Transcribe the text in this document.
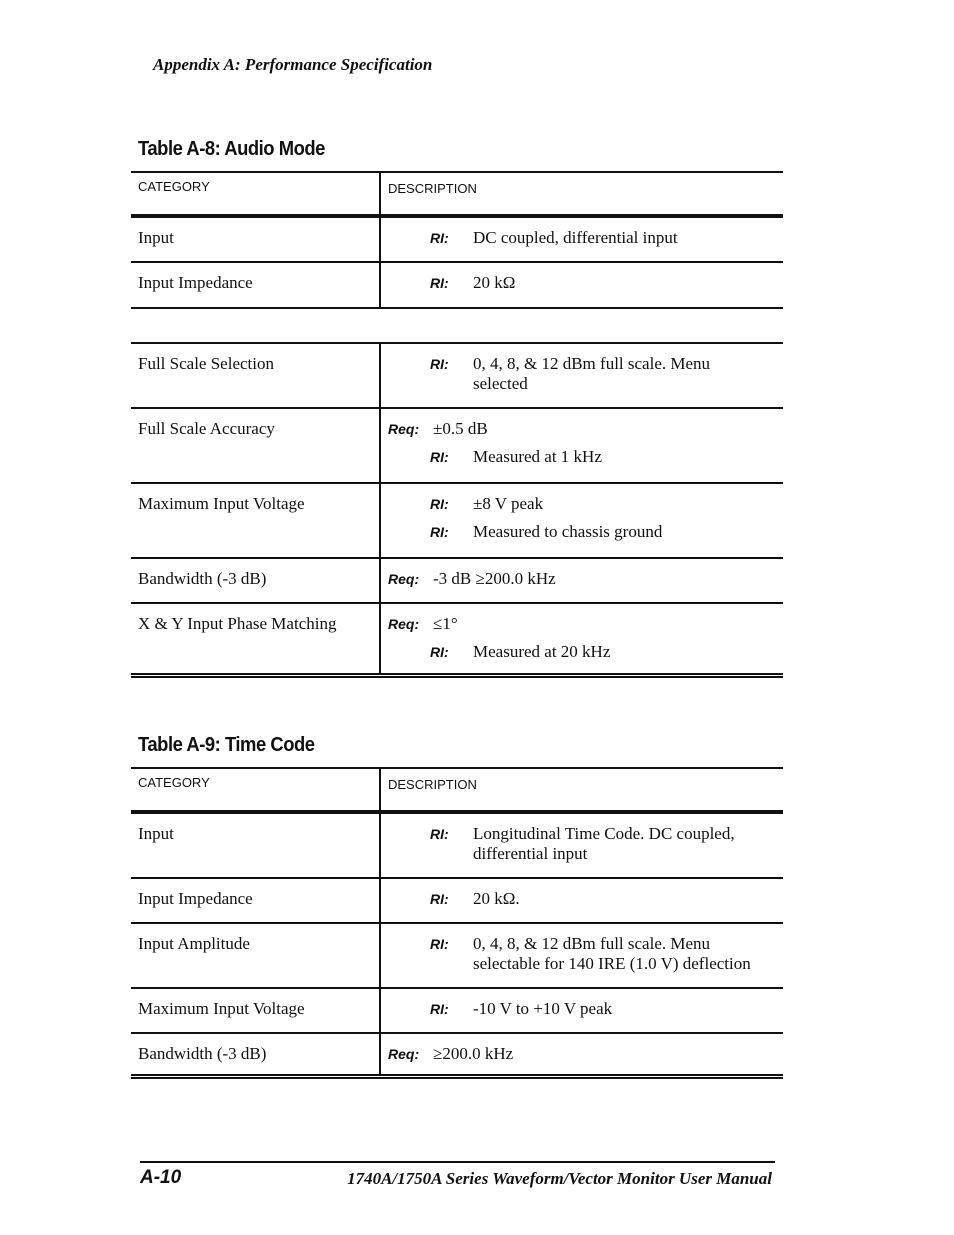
Appendix A: Performance Specification
Table A-8: Audio Mode
CATEGORY	DESCRIPTION
Input	RI: DC coupled, differential input

Input Impedance	RI: 20 kΩ
Full Scale Selection	RI: 0, 4, 8, & 12 dBm full scale. Menu selected

Full Scale Accuracy	Req: ±0.5 dB
RI: Measured at 1 kHz

Maximum Input Voltage	RI: ±8 V peak
RI: Measured to chassis ground

Bandwidth (-3 dB)	Req: -3 dB ≥200.0 kHz

X & Y Input Phase Matching	Req: ≤1°
RI: Measured at 20 kHz
Table A-9: Time Code
CATEGORY	DESCRIPTION
Input	RI: Longitudinal Time Code. DC coupled, differential input

Input Impedance	RI: 20 kΩ.

Input Amplitude	RI: 0, 4, 8, & 12 dBm full scale. Menu selectable for 140 IRE (1.0 V) deflection

Maximum Input Voltage	RI: -10 V to +10 V peak

Bandwidth (-3 dB)	Req: ≥200.0 kHz
A-10	1740A/1750A Series Waveform/Vector Monitor User Manual
